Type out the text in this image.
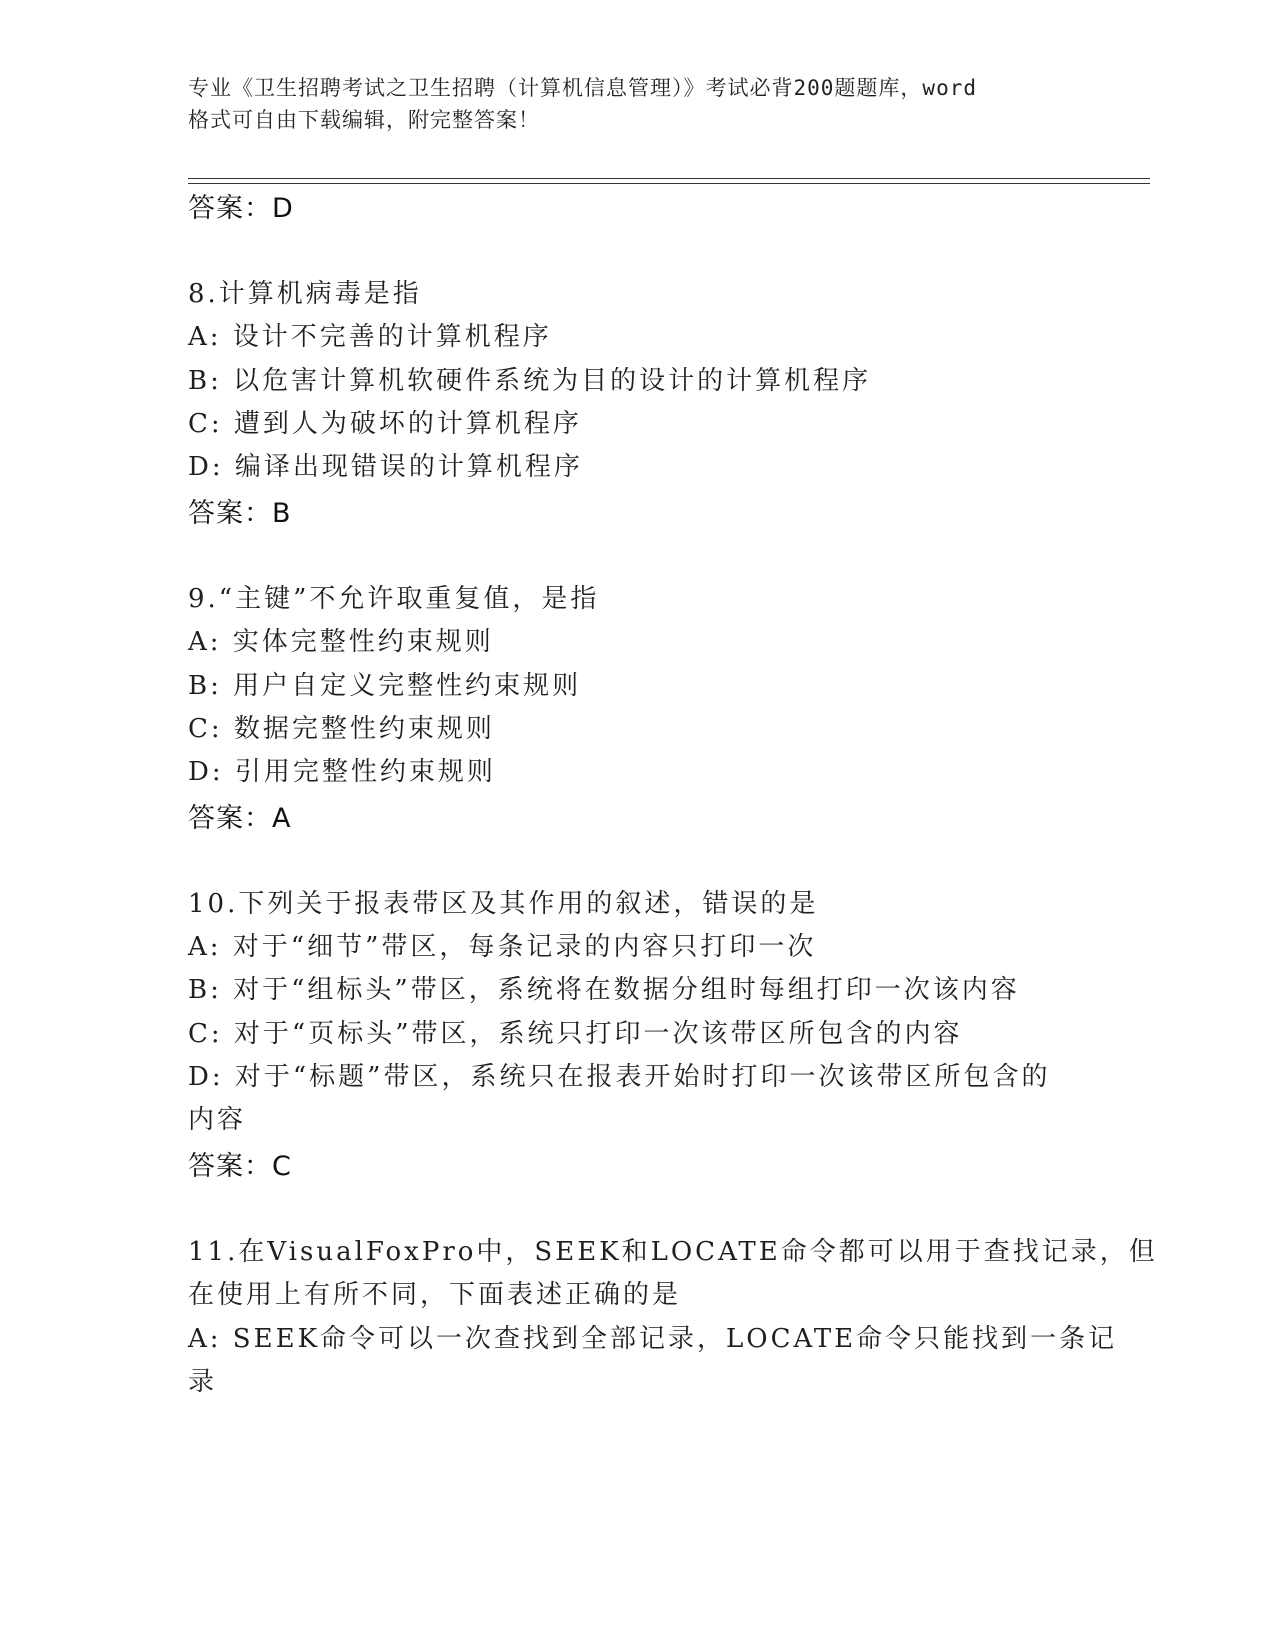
专业《卫生招聘考试之卫生招聘（计算机信息管理）》考试必背200题题库，word
格式可自由下载编辑，附完整答案！
答案：D
8.计算机病毒是指
A: 设计不完善的计算机程序
B: 以危害计算机软硬件系统为目的设计的计算机程序
C: 遭到人为破坏的计算机程序
D: 编译出现错误的计算机程序
答案：B
9.“主键”不允许取重复值，是指
A: 实体完整性约束规则
B: 用户自定义完整性约束规则
C: 数据完整性约束规则
D: 引用完整性约束规则
答案：A
10.下列关于报表带区及其作用的叙述，错误的是
A: 对于“细节”带区，每条记录的内容只打印一次
B: 对于“组标头”带区，系统将在数据分组时每组打印一次该内容
C: 对于“页标头”带区，系统只打印一次该带区所包含的内容
D: 对于“标题”带区，系统只在报表开始时打印一次该带区所包含的
内容
答案：C
11.在VisualFoxPro中，SEEK和LOCATE命令都可以用于查找记录，但
在使用上有所不同，下面表述正确的是
A: SEEK命令可以一次查找到全部记录，LOCATE命令只能找到一条记
录
